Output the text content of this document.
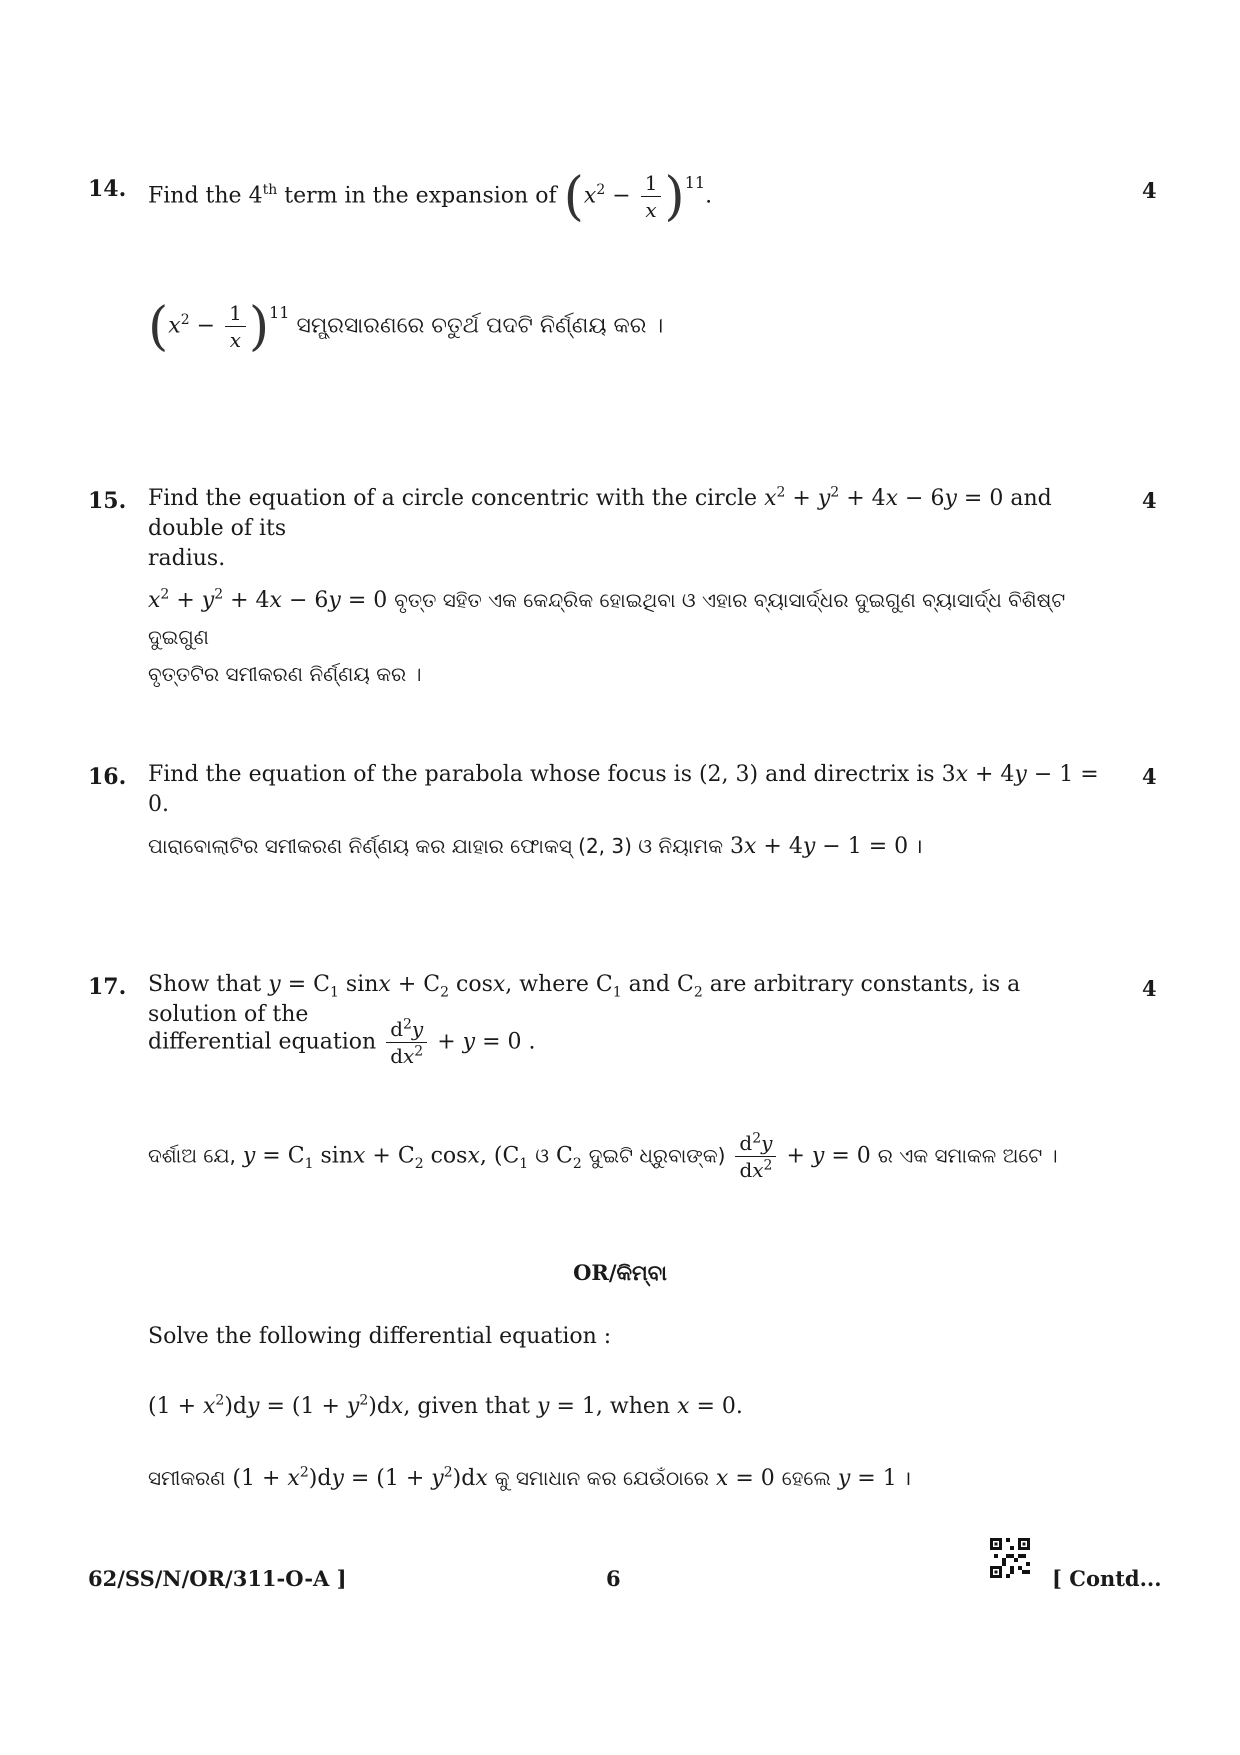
14. Find the 4th term in the expansion of $(x^2 - \frac{1}{x} )11$.	4
$(x^2 - \frac{1}{x} )11$ ସମ୍ପ୍ରସାରଣରେ ଚତୁର୍ଥ ପଦଟି ନିର୍ଣ୍ଣୟ କର ।
15. Find the equation of a circle concentric with the circle $x^2 + y^2 + 4x - 6y = 0$ and double of its
radius.
4
$x^2 + y^2 + 4x - 6y = 0$ ବୃତ୍ତ ସହିତ ଏକ କେନ୍ଦ୍ରିକ ହୋଇଥିବା ଓ ଏହାର ବ୍ୟାସାର୍ଦ୍ଧର ଦୁଇଗୁଣ ବ୍ୟାସାର୍ଦ୍ଧ ବିଶିଷ୍ଟ ଦୁଇଗୁଣ
ବୃତ୍ତଟିର ସମୀକରଣ ନିର୍ଣ୍ଣୟ କର ।
16. Find the equation of the parabola whose focus is (2, 3) and directrix is 3x + 4y − 1 = 0.
4
ପାରାବୋଲାଟିର ସମୀକରଣ ନିର୍ଣ୍ଣୟ କର ଯାହାର ଫୋକସ୍ (2, 3) ଓ ନିୟାମକ 3x + 4y − 1 = 0 ।
17. Show that $y = C_1$ $\sin x + C_2$ cosx, where $C_1$ and $C_2$ are arbitrary constants, is a solution of the
4
differential equation $\frac{d^2y}{dx^2} + y = 0$ .
ଦର୍ଶାଅ ଯେ, $y = C_1$ $\sin x + C_2$ cosx, ($C_1$ ଓ $C_2$ ଦୁଇଟି ଧ୍ରୁବାଙ୍କ) $\frac{d^2y}{dx^2} + y = 0$ ର ଏକ ସମାକଳ ଅଟେ ।
OR/କିମ୍ବା
Solve the following differential equation :
$(1 + x^2)dy = (1 + y^2)dx$, given that y = 1, when x = 0.
ସମୀକରଣ $(1 + x^2)dy = (1 + y^2)dx$ କୁ ସମାଧାନ କର ଯେଉଁଠାରେ x = 0 ହେଲେ y = 1 ।
62/SS/N/OR/311-O-A ]	6	[ Contd...
